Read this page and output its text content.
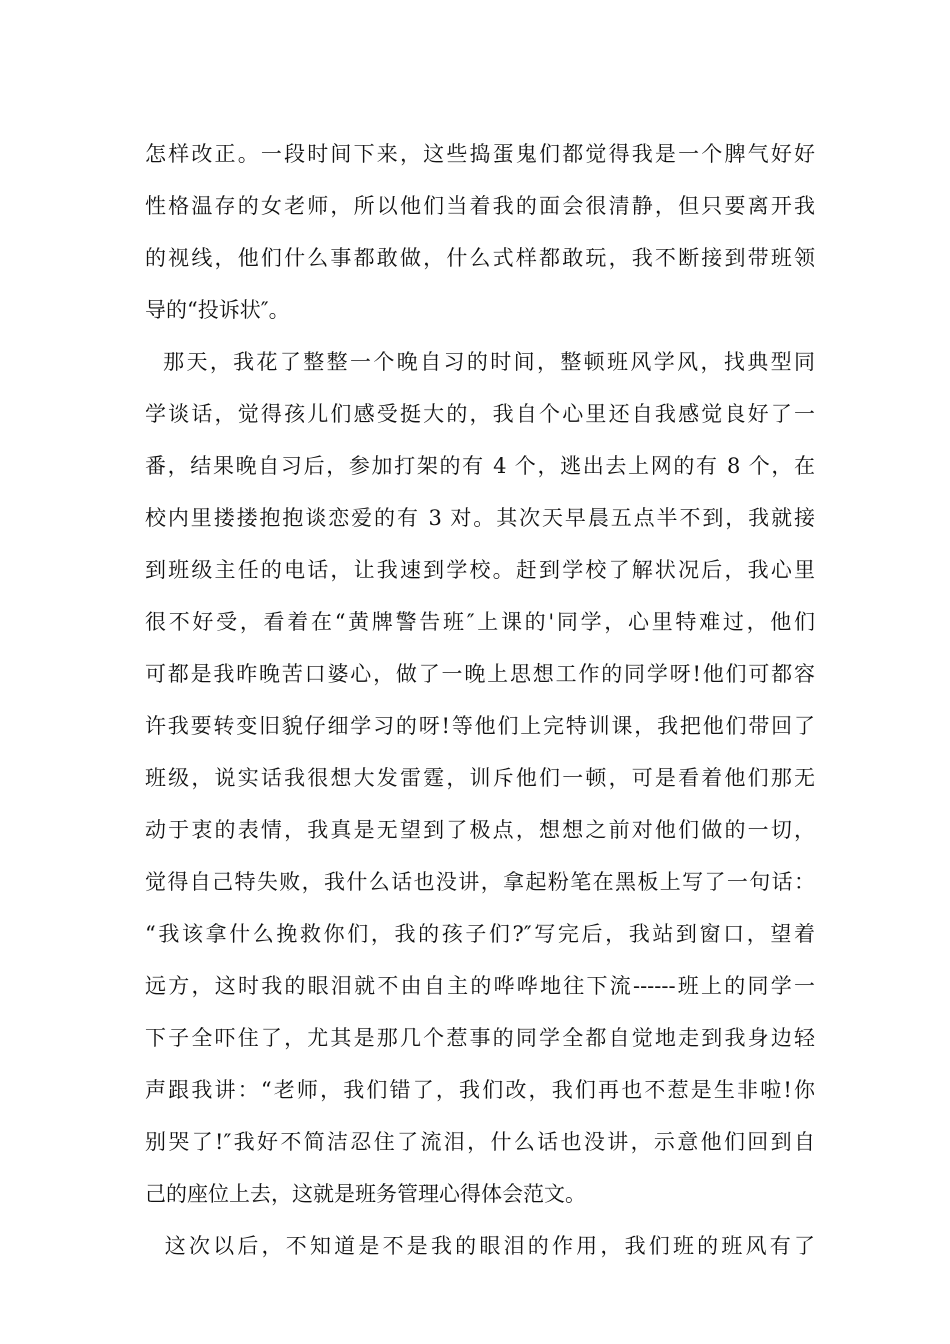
怎样改正。一段时间下来，这些捣蛋鬼们都觉得我是一个脾气好好
性格温存的女老师，所以他们当着我的面会很清静，但只要离开我
的视线，他们什么事都敢做，什么式样都敢玩，我不断接到带班领
导的“投诉状″。
那天，我花了整整一个晚自习的时间，整顿班风学风，找典型同
学谈话，觉得孩儿们感受挺大的，我自个心里还自我感觉良好了一
番，结果晚自习后，参加打架的有 4 个，逃出去上网的有 8 个，在
校内里搂搂抱抱谈恋爱的有 3 对。其次天早晨五点半不到，我就接
到班级主任的电话，让我速到学校。赶到学校了解状况后，我心里
很不好受，看着在“黄牌警告班″上课的'同学，心里特难过，他们
可都是我昨晚苦口婆心，做了一晚上思想工作的同学呀!他们可都容
许我要转变旧貌仔细学习的呀!等他们上完特训课，我把他们带回了
班级，说实话我很想大发雷霆，训斥他们一顿，可是看着他们那无
动于衷的表情，我真是无望到了极点，想想之前对他们做的一切，
觉得自己特失败，我什么话也没讲，拿起粉笔在黑板上写了一句话：
“我该拿什么挽救你们，我的孩子们?″写完后，我站到窗口，望着
远方，这时我的眼泪就不由自主的哗哗地往下流------班上的同学一
下子全吓住了，尤其是那几个惹事的同学全都自觉地走到我身边轻
声跟我讲：“老师，我们错了，我们改，我们再也不惹是生非啦!你
别哭了!″我好不简洁忍住了流泪，什么话也没讲，示意他们回到自
己的座位上去，这就是班务管理心得体会范文。
这次以后，不知道是不是我的眼泪的作用，我们班的班风有了
